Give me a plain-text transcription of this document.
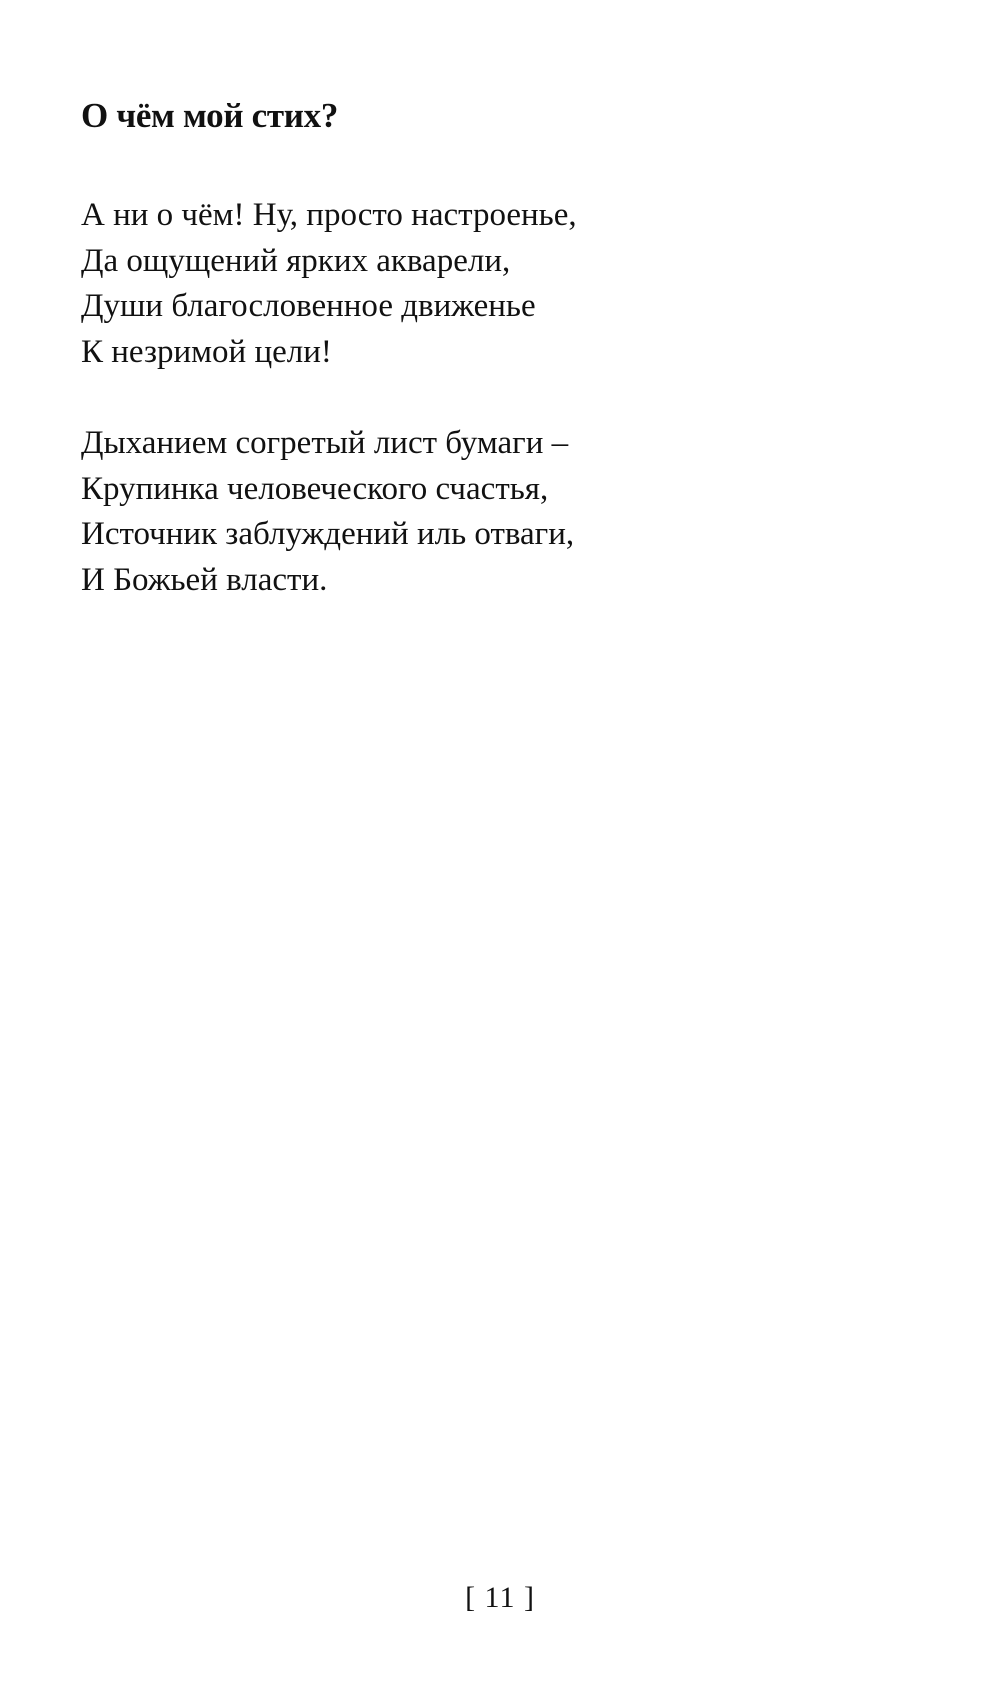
О чём мой стих?
А ни о чём! Ну, просто настроенье,
Да ощущений ярких акварели,
Души благословенное движенье
К незримой цели!
Дыханием согретый лист бумаги –
Крупинка человеческого счастья,
Источник заблуждений иль отваги,
И Божьей власти.
[ 11 ]
